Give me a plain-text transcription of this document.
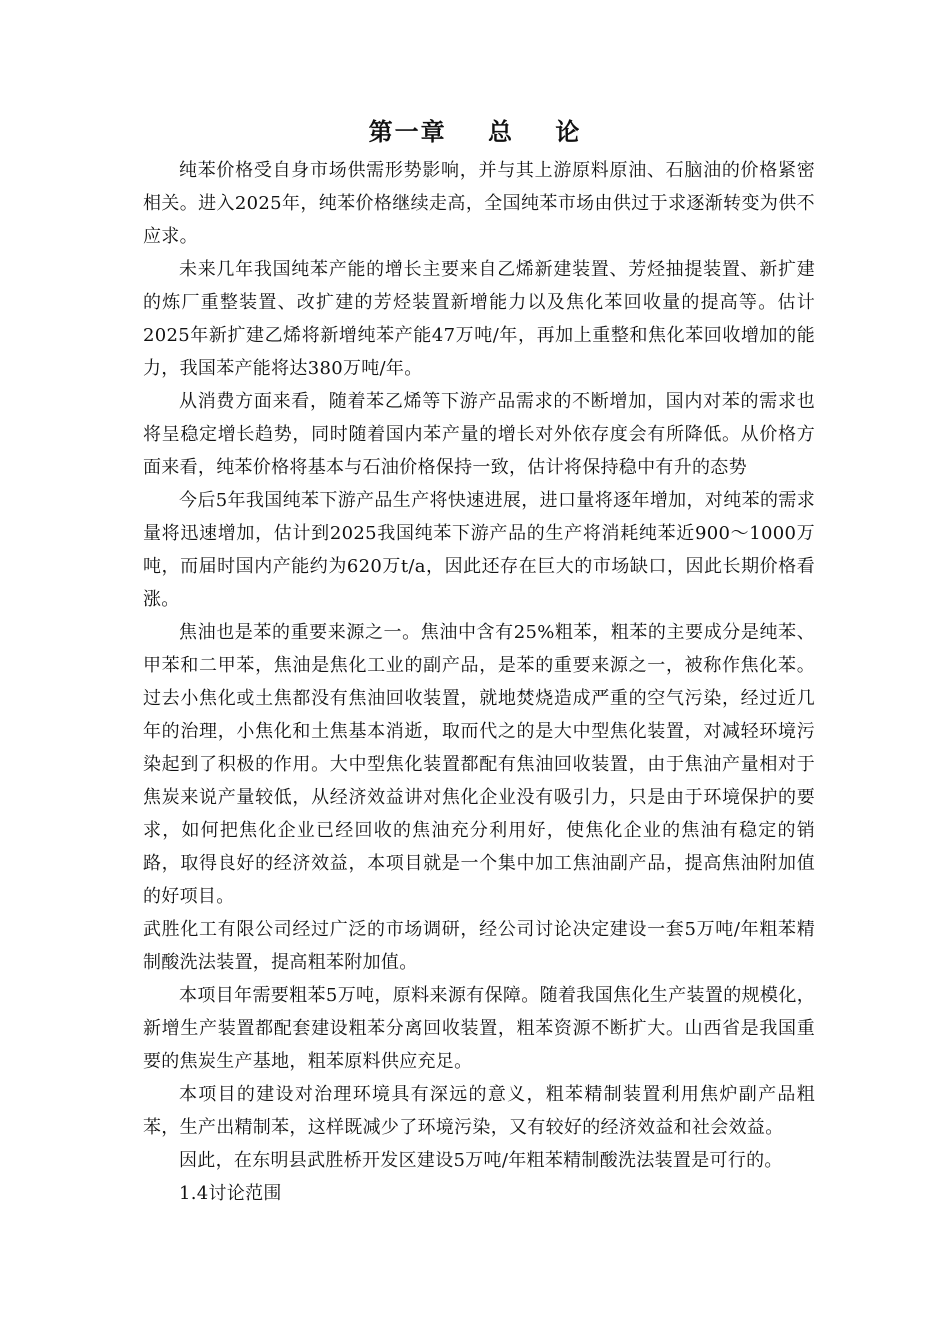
第一章    总    论

纯苯价格受自身市场供需形势影响，并与其上游原料原油、石脑油的价格紧密相关。进入2025年，纯苯价格继续走高，全国纯苯市场由供过于求逐渐转变为供不应求。

未来几年我国纯苯产能的增长主要来自乙烯新建装置、芳烃抽提装置、新扩建的炼厂重整装置、改扩建的芳烃装置新增能力以及焦化苯回收量的提高等。估计2025年新扩建乙烯将新增纯苯产能47万吨/年，再加上重整和焦化苯回收增加的能力，我国苯产能将达380万吨/年。

从消费方面来看，随着苯乙烯等下游产品需求的不断增加，国内对苯的需求也将呈稳定增长趋势，同时随着国内苯产量的增长对外依存度会有所降低。从价格方面来看，纯苯价格将基本与石油价格保持一致，估计将保持稳中有升的态势

今后5年我国纯苯下游产品生产将快速进展，进口量将逐年增加，对纯苯的需求量将迅速增加，估计到2025我国纯苯下游产品的生产将消耗纯苯近900～1000万吨，而届时国内产能约为620万t/a，因此还存在巨大的市场缺口，因此长期价格看涨。

焦油也是苯的重要来源之一。焦油中含有25%粗苯，粗苯的主要成分是纯苯、甲苯和二甲苯，焦油是焦化工业的副产品，是苯的重要来源之一，被称作焦化苯。过去小焦化或土焦都没有焦油回收装置，就地焚烧造成严重的空气污染，经过近几年的治理，小焦化和土焦基本消逝，取而代之的是大中型焦化装置，对减轻环境污染起到了积极的作用。大中型焦化装置都配有焦油回收装置，由于焦油产量相对于焦炭来说产量较低，从经济效益讲对焦化企业没有吸引力，只是由于环境保护的要求，如何把焦化企业已经回收的焦油充分利用好，使焦化企业的焦油有稳定的销路，取得良好的经济效益，本项目就是一个集中加工焦油副产品，提高焦油附加值的好项目。

武胜化工有限公司经过广泛的市场调研，经公司讨论决定建设一套5万吨/年粗苯精制酸洗法装置，提高粗苯附加值。

本项目年需要粗苯5万吨，原料来源有保障。随着我国焦化生产装置的规模化，新增生产装置都配套建设粗苯分离回收装置，粗苯资源不断扩大。山西省是我国重要的焦炭生产基地，粗苯原料供应充足。

本项目的建设对治理环境具有深远的意义，粗苯精制装置利用焦炉副产品粗苯，生产出精制苯，这样既减少了环境污染，又有较好的经济效益和社会效益。

因此，在东明县武胜桥开发区建设5万吨/年粗苯精制酸洗法装置是可行的。

1.4讨论范围
